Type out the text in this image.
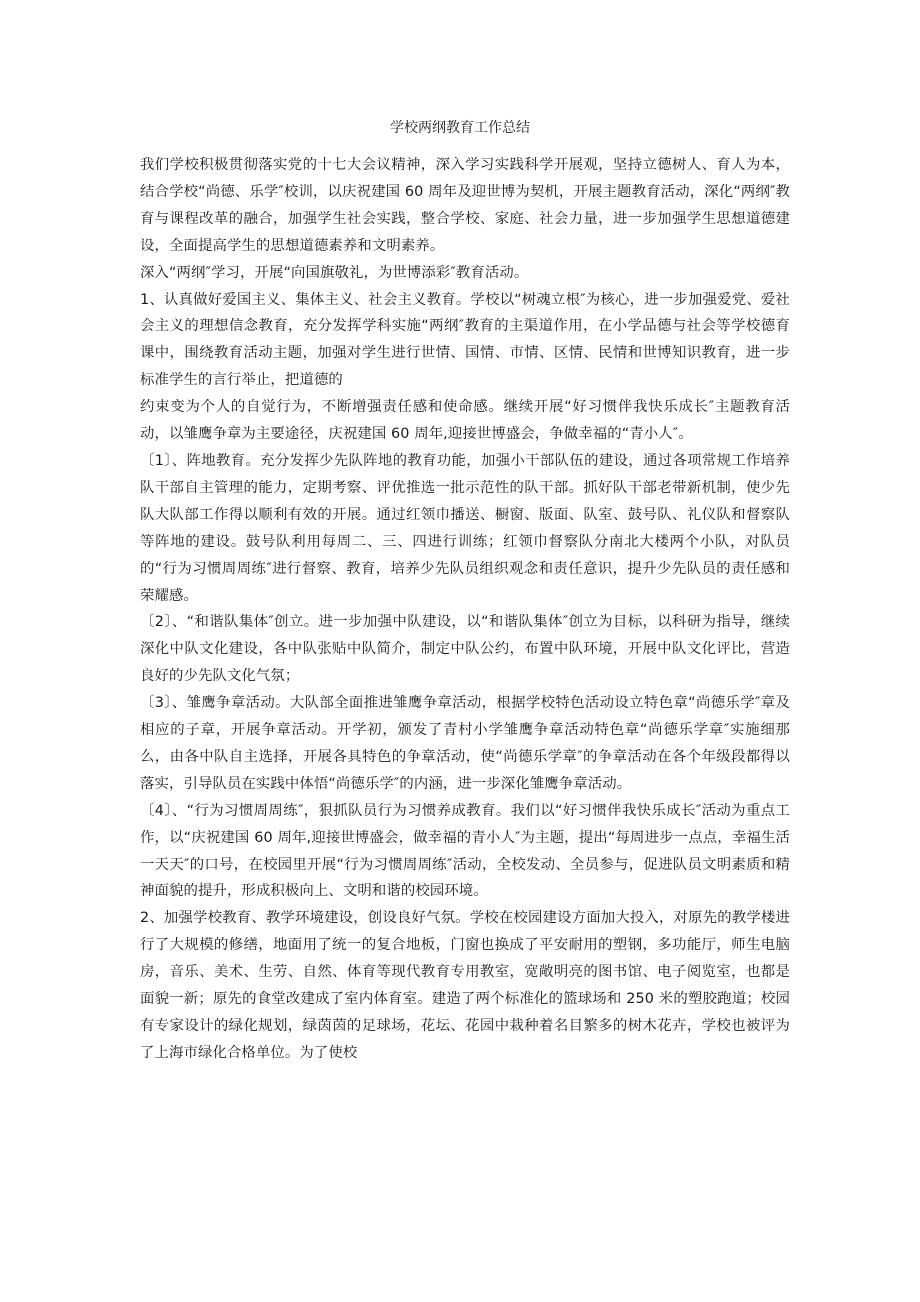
学校两纲教育工作总结

我们学校积极贯彻落实党的十七大会议精神，深入学习实践科学开展观，坚持立德树人、育人为本，结合学校“尚德、乐学″校训，以庆祝建国 60 周年及迎世博为契机，开展主题教育活动，深化“两纲″教育与课程改革的融合，加强学生社会实践，整合学校、家庭、社会力量，进一步加强学生思想道德建设，全面提高学生的思想道德素养和文明素养。

深入“两纲″学习，开展“向国旗敬礼，为世博添彩″教育活动。

1、认真做好爱国主义、集体主义、社会主义教育。学校以“树魂立根″为核心，进一步加强爱党、爱社会主义的理想信念教育，充分发挥学科实施“两纲″教育的主渠道作用，在小学品德与社会等学校德育课中，围绕教育活动主题，加强对学生进行世情、国情、市情、区情、民情和世博知识教育，进一步标准学生的言行举止，把道德的

约束变为个人的自觉行为，不断增强责任感和使命感。继续开展“好习惯伴我快乐成长″主题教育活动，以雏鹰争章为主要途径，庆祝建国 60 周年,迎接世博盛会，争做幸福的“青小人″。

〔1〕、阵地教育。充分发挥少先队阵地的教育功能，加强小干部队伍的建设，通过各项常规工作培养队干部自主管理的能力，定期考察、评优推选一批示范性的队干部。抓好队干部老带新机制，使少先队大队部工作得以顺利有效的开展。通过红领巾播送、橱窗、版面、队室、鼓号队、礼仪队和督察队等阵地的建设。鼓号队利用每周二、三、四进行训练；红领巾督察队分南北大楼两个小队，对队员的“行为习惯周周练″进行督察、教育，培养少先队员组织观念和责任意识，提升少先队员的责任感和荣耀感。

〔2〕、“和谐队集体″创立。进一步加强中队建设，以“和谐队集体″创立为目标，以科研为指导，继续深化中队文化建设，各中队张贴中队简介，制定中队公约，布置中队环境，开展中队文化评比，营造良好的少先队文化气氛；

〔3〕、雏鹰争章活动。大队部全面推进雏鹰争章活动，根据学校特色活动设立特色章“尚德乐学″章及相应的子章，开展争章活动。开学初，颁发了青村小学雏鹰争章活动特色章“尚德乐学章″实施细那么，由各中队自主选择，开展各具特色的争章活动，使“尚德乐学章″的争章活动在各个年级段都得以落实，引导队员在实践中体悟“尚德乐学″的内涵，进一步深化雏鹰争章活动。

〔4〕、“行为习惯周周练″，狠抓队员行为习惯养成教育。我们以“好习惯伴我快乐成长″活动为重点工作，以“庆祝建国 60 周年,迎接世博盛会，做幸福的青小人″为主题，提出“每周进步一点点，幸福生活一天天″的口号，在校园里开展“行为习惯周周练″活动，全校发动、全员参与，促进队员文明素质和精神面貌的提升，形成积极向上、文明和谐的校园环境。

2、加强学校教育、教学环境建设，创设良好气氛。学校在校园建设方面加大投入，对原先的教学楼进行了大规模的修缮，地面用了统一的复合地板，门窗也换成了平安耐用的塑钢，多功能厅，师生电脑房，音乐、美术、生劳、自然、体育等现代教育专用教室，宽敞明亮的图书馆、电子阅览室，也都是面貌一新；原先的食堂改建成了室内体育室。建造了两个标准化的篮球场和 250 米的塑胶跑道；校园有专家设计的绿化规划，绿茵茵的足球场，花坛、花园中栽种着名目繁多的树木花卉，学校也被评为了上海市绿化合格单位。为了使校
